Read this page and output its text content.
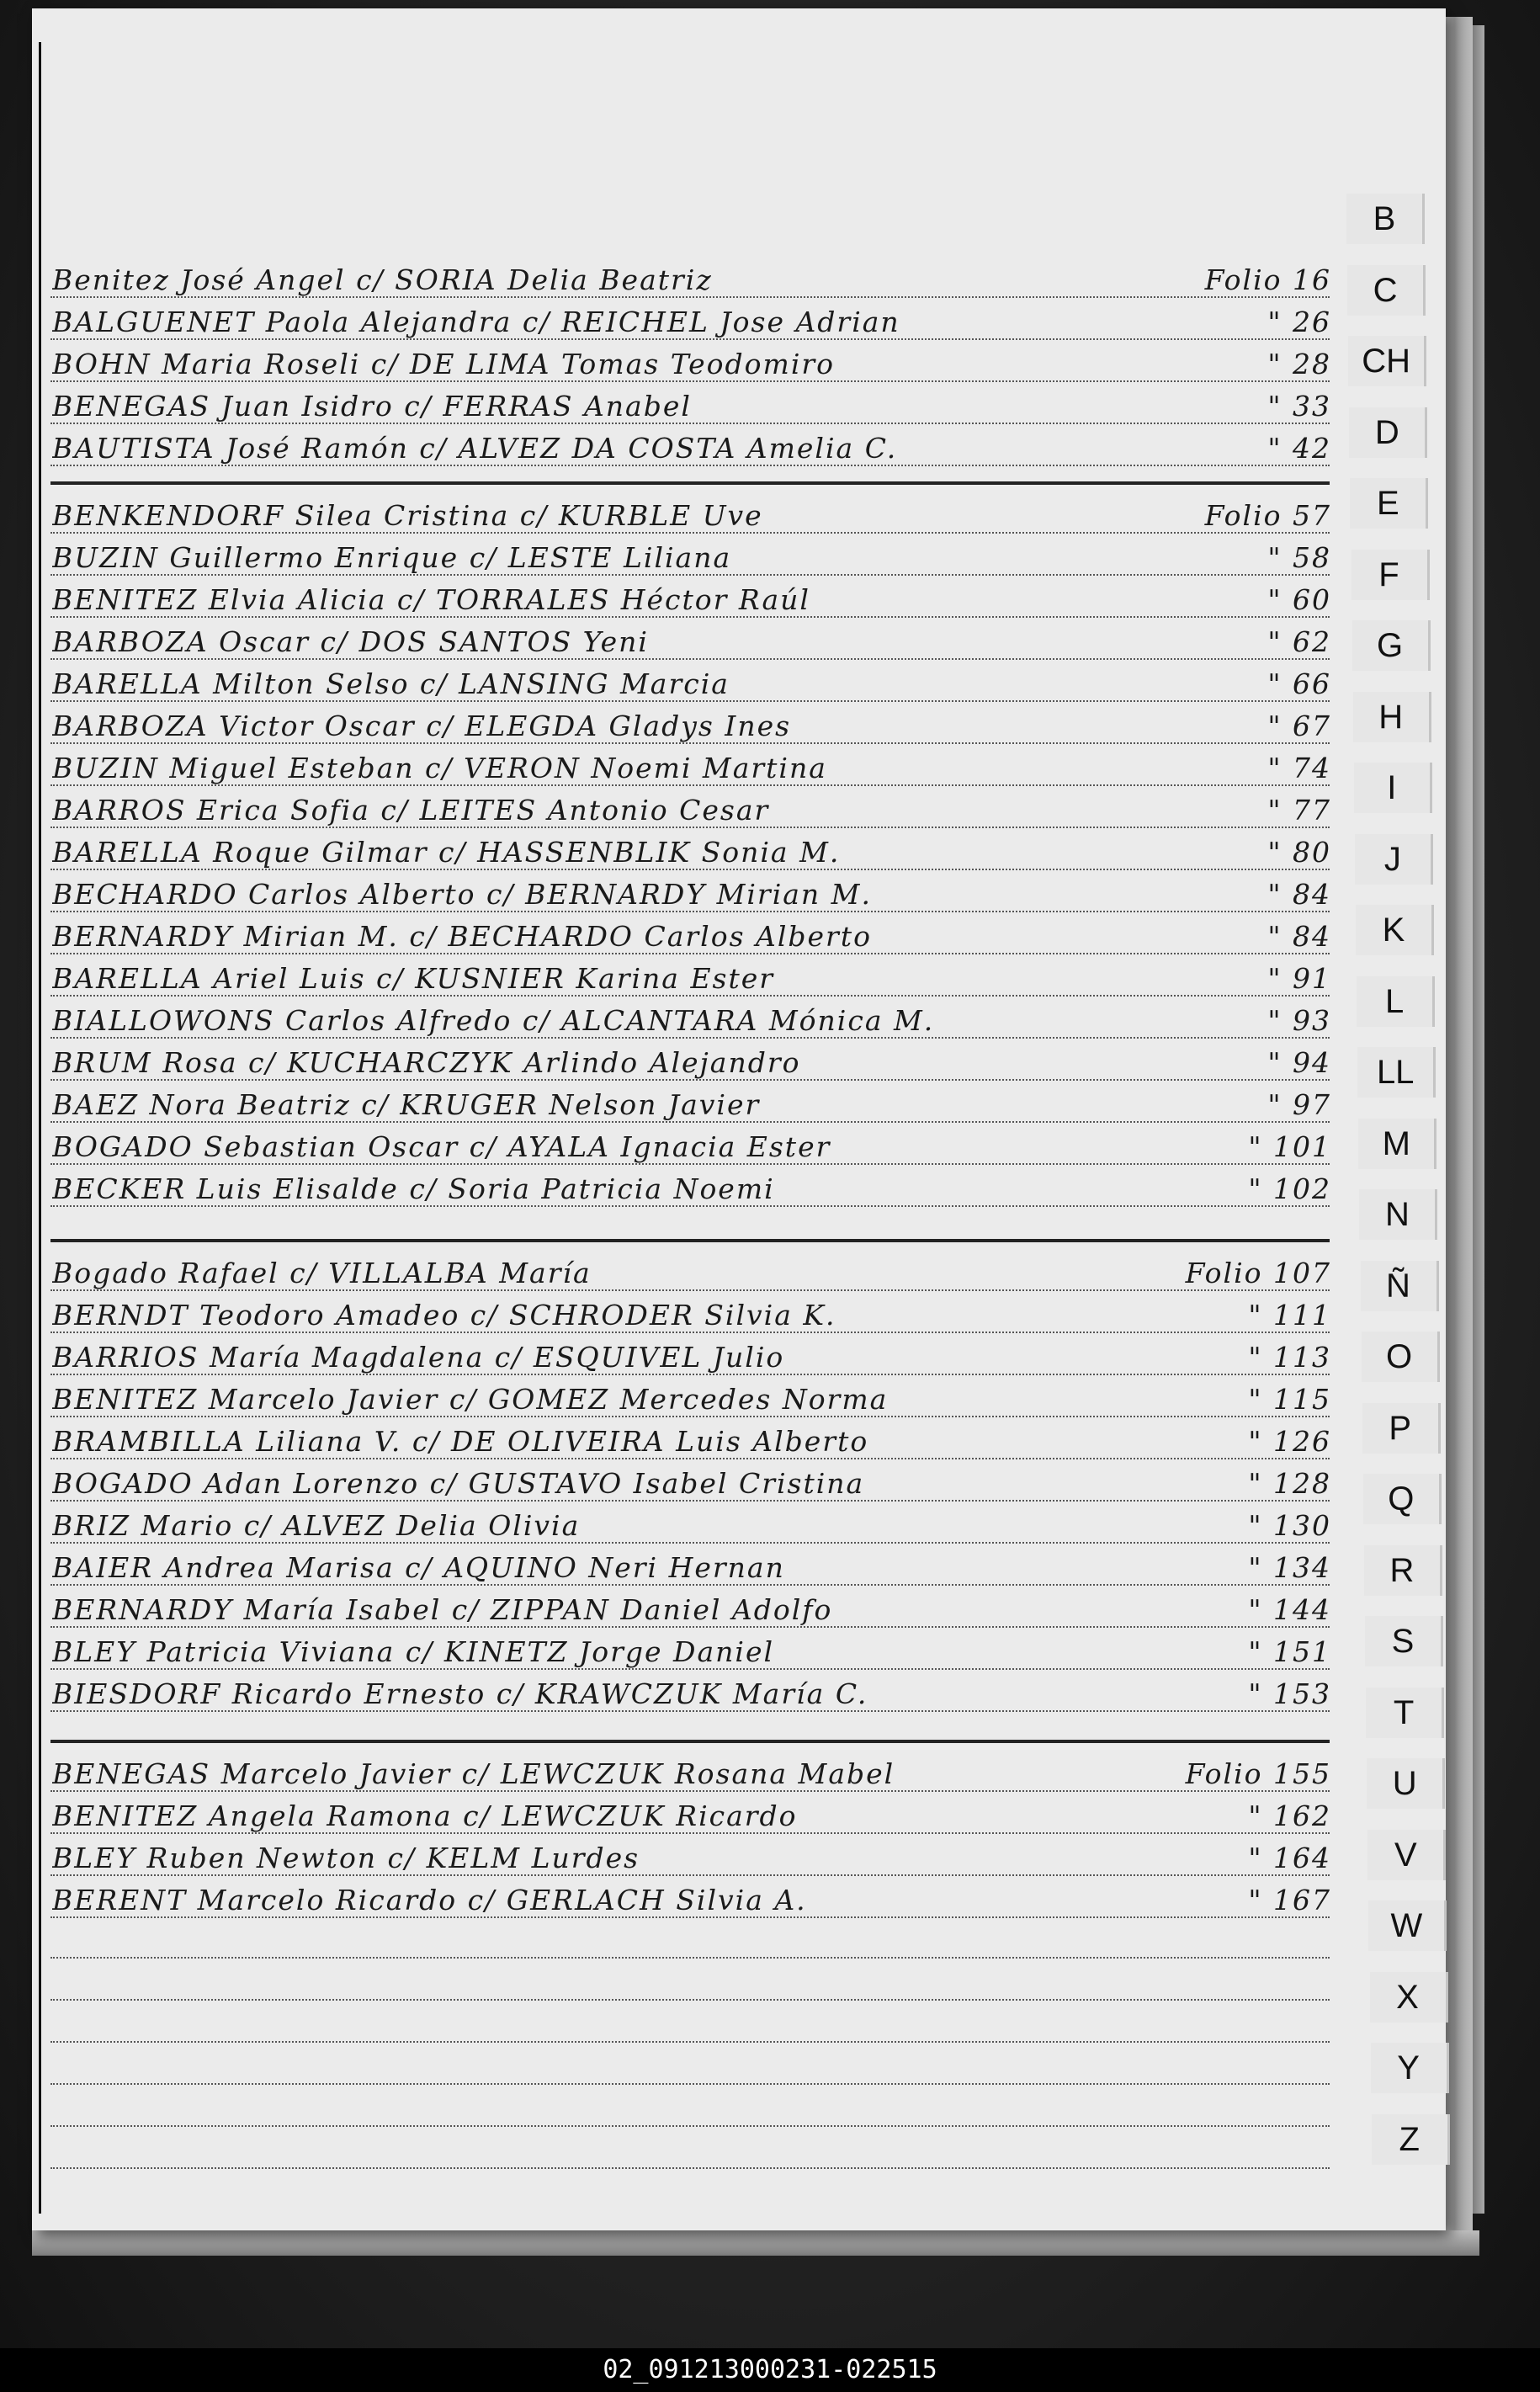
Benitez José Angel c/ SORIA Delia Beatriz	Folio 16
BALGUENET Paola Alejandra c/ REICHEL Jose Adrian	" 26
BOHN Maria Roseli c/ DE LIMA Tomas Teodomiro	" 28
BENEGAS Juan Isidro c/ FERRAS Anabel	" 33
BAUTISTA José Ramón c/ ALVEZ DA COSTA Amelia C.	" 42
BENKENDORF Silea Cristina c/ KURBLE Uve	Folio 57
BUZIN Guillermo Enrique c/ LESTE Liliana	" 58
BENITEZ Elvia Alicia c/ TORRALES Héctor Raúl	" 60
BARBOZA Oscar c/ DOS SANTOS Yeni	" 62
BARELLA Milton Selso c/ LANSING Marcia	" 66
BARBOZA Victor Oscar c/ ELEGDA Gladys Ines	" 67
BUZIN Miguel Esteban c/ VERON Noemi Martina	" 74
BARROS Erica Sofia c/ LEITES Antonio Cesar	" 77
BARELLA Roque Gilmar c/ HASSENBLIK Sonia M.	" 80
BECHARDO Carlos Alberto c/ BERNARDY Mirian M.	" 84
BERNARDY Mirian M. c/ BECHARDO Carlos Alberto	" 84
BARELLA Ariel Luis c/ KUSNIER Karina Ester	" 91
BIALLOWONS Carlos Alfredo c/ ALCANTARA Mónica M.	" 93
BRUM Rosa c/ KUCHARCZYK Arlindo Alejandro	" 94
BAEZ Nora Beatriz c/ KRUGER Nelson Javier	" 97
BOGADO Sebastian Oscar c/ AYALA Ignacia Ester	" 101
BECKER Luis Elisalde c/ Soria Patricia Noemi	" 102
Bogado Rafael c/ VILLALBA María	Folio 107
BERNDT Teodoro Amadeo c/ SCHRODER Silvia K.	" 111
BARRIOS María Magdalena c/ ESQUIVEL Julio	" 113
BENITEZ Marcelo Javier c/ GOMEZ Mercedes Norma	" 115
BRAMBILLA Liliana V. c/ DE OLIVEIRA Luis Alberto	" 126
BOGADO Adan Lorenzo c/ GUSTAVO Isabel Cristina	" 128
BRIZ Mario c/ ALVEZ Delia Olivia	" 130
BAIER Andrea Marisa c/ AQUINO Neri Hernan	" 134
BERNARDY María Isabel c/ ZIPPAN Daniel Adolfo	" 144
BLEY Patricia Viviana c/ KINETZ Jorge Daniel	" 151
BIESDORF Ricardo Ernesto c/ KRAWCZUK María C.	" 153
BENEGAS Marcelo Javier c/ LEWCZUK Rosana Mabel	Folio 155
BENITEZ Angela Ramona c/ LEWCZUK Ricardo	" 162
BLEY Ruben Newton c/ KELM Lurdes	" 164
BERENT Marcelo Ricardo c/ GERLACH Silvia A.	" 167
B
C
CH
D
E
F
G
H
I
J
K
L
LL
M
N
Ñ
O
P
Q
R
S
T
U
V
W
X
Y
Z
02_091213000231-022515
